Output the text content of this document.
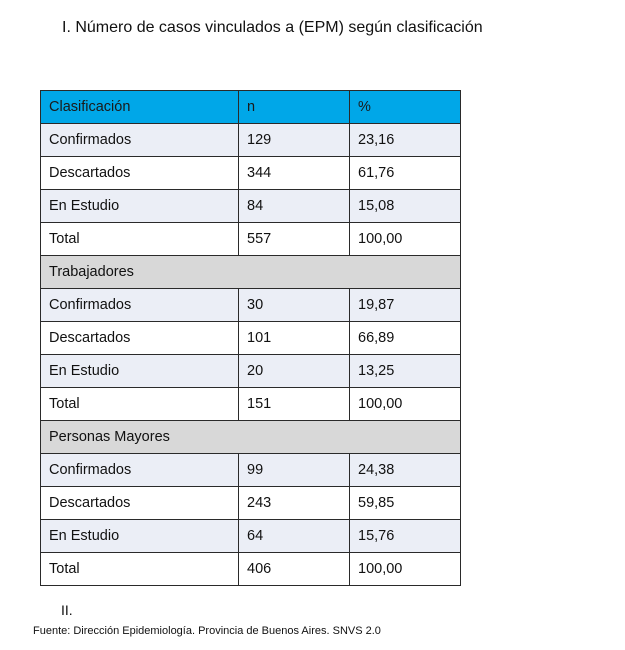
I. Número de casos vinculados a (EPM) según clasificación
Clasificación	n	%
Confirmados	129	23,16
Descartados	344	61,76
En Estudio	84	15,08
Total	557	100,00
Trabajadores		
Confirmados	30	19,87
Descartados	101	66,89
En Estudio	20	13,25
Total	151	100,00
Personas Mayores		
Confirmados	99	24,38
Descartados	243	59,85
En Estudio	64	15,76
Total	406	100,00
II.
Fuente: Dirección Epidemiología. Provincia de Buenos Aires. SNVS 2.0
